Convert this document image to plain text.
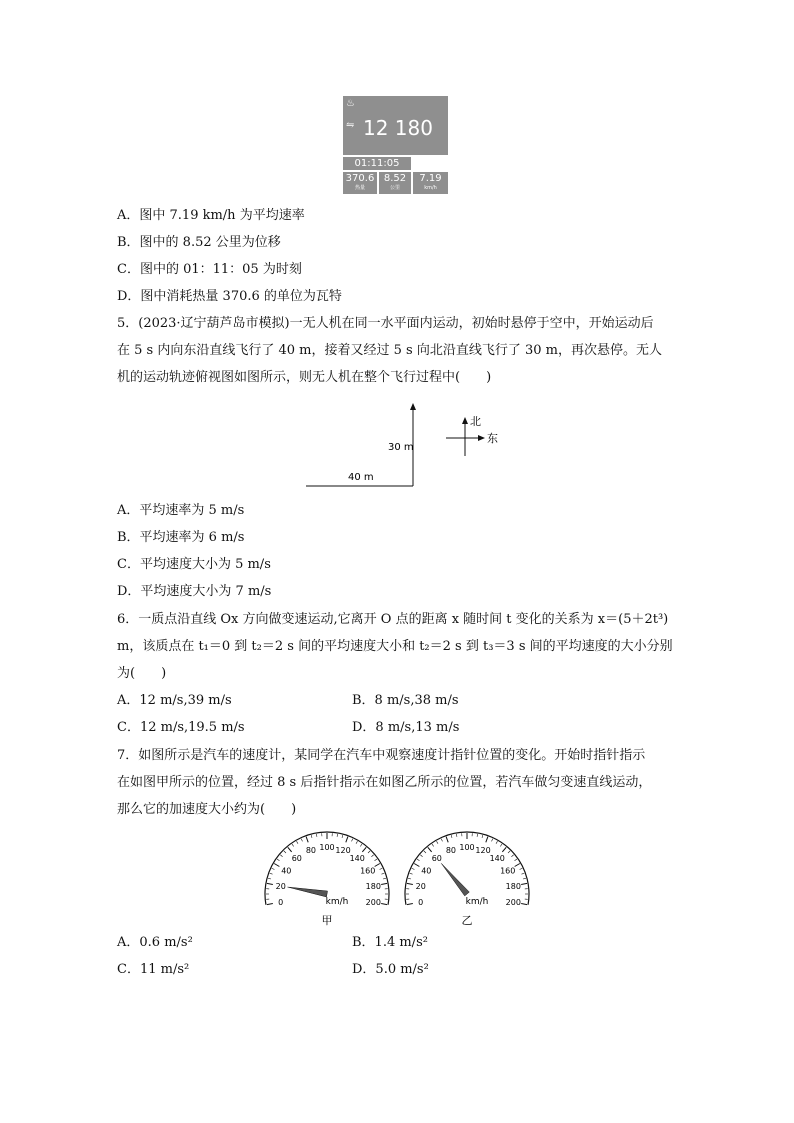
♨
⇋ 12 180
01:11:05
370.6
热量
8.52
公里
7.19
km/h
A．图中 7.19 km/h 为平均速率
B．图中的 8.52 公里为位移
C．图中的 01：11：05 为时刻
D．图中消耗热量 370.6 的单位为瓦特
5．(2023·辽宁葫芦岛市模拟)一无人机在同一水平面内运动，初始时悬停于空中，开始运动后
在 5 s 内向东沿直线飞行了 40 m，接着又经过 5 s 向北沿直线飞行了 30 m，再次悬停。无人
机的运动轨迹俯视图如图所示，则无人机在整个飞行过程中(　　)
30 m
40 m
北
东
A．平均速率为 5 m/s
B．平均速率为 6 m/s
C．平均速度大小为 5 m/s
D．平均速度大小为 7 m/s
6．一质点沿直线 Ox 方向做变速运动,它离开 O 点的距离 x 随时间 t 变化的关系为 x＝(5＋2t³)
m，该质点在 t₁＝0 到 t₂＝2 s 间的平均速度大小和 t₂＝2 s 到 t₃＝3 s 间的平均速度的大小分别
为(　　)
A．12 m/s,39 m/s	B．8 m/s,38 m/s
C．12 m/s,19.5 m/s	D．8 m/s,13 m/s
7．如图所示是汽车的速度计，某同学在汽车中观察速度计指针位置的变化。开始时指针指示
在如图甲所示的位置，经过 8 s 后指针指示在如图乙所示的位置，若汽车做匀变速直线运动，
那么它的加速度大小约为(　　)
0
20
40
60
80 100 120
140
160
180
200
km/h
甲
0
20
40
60
80 100 120
140
160
180
200
km/h
乙
A．0.6 m/s²	B．1.4 m/s²
C．11 m/s²	D．5.0 m/s²
